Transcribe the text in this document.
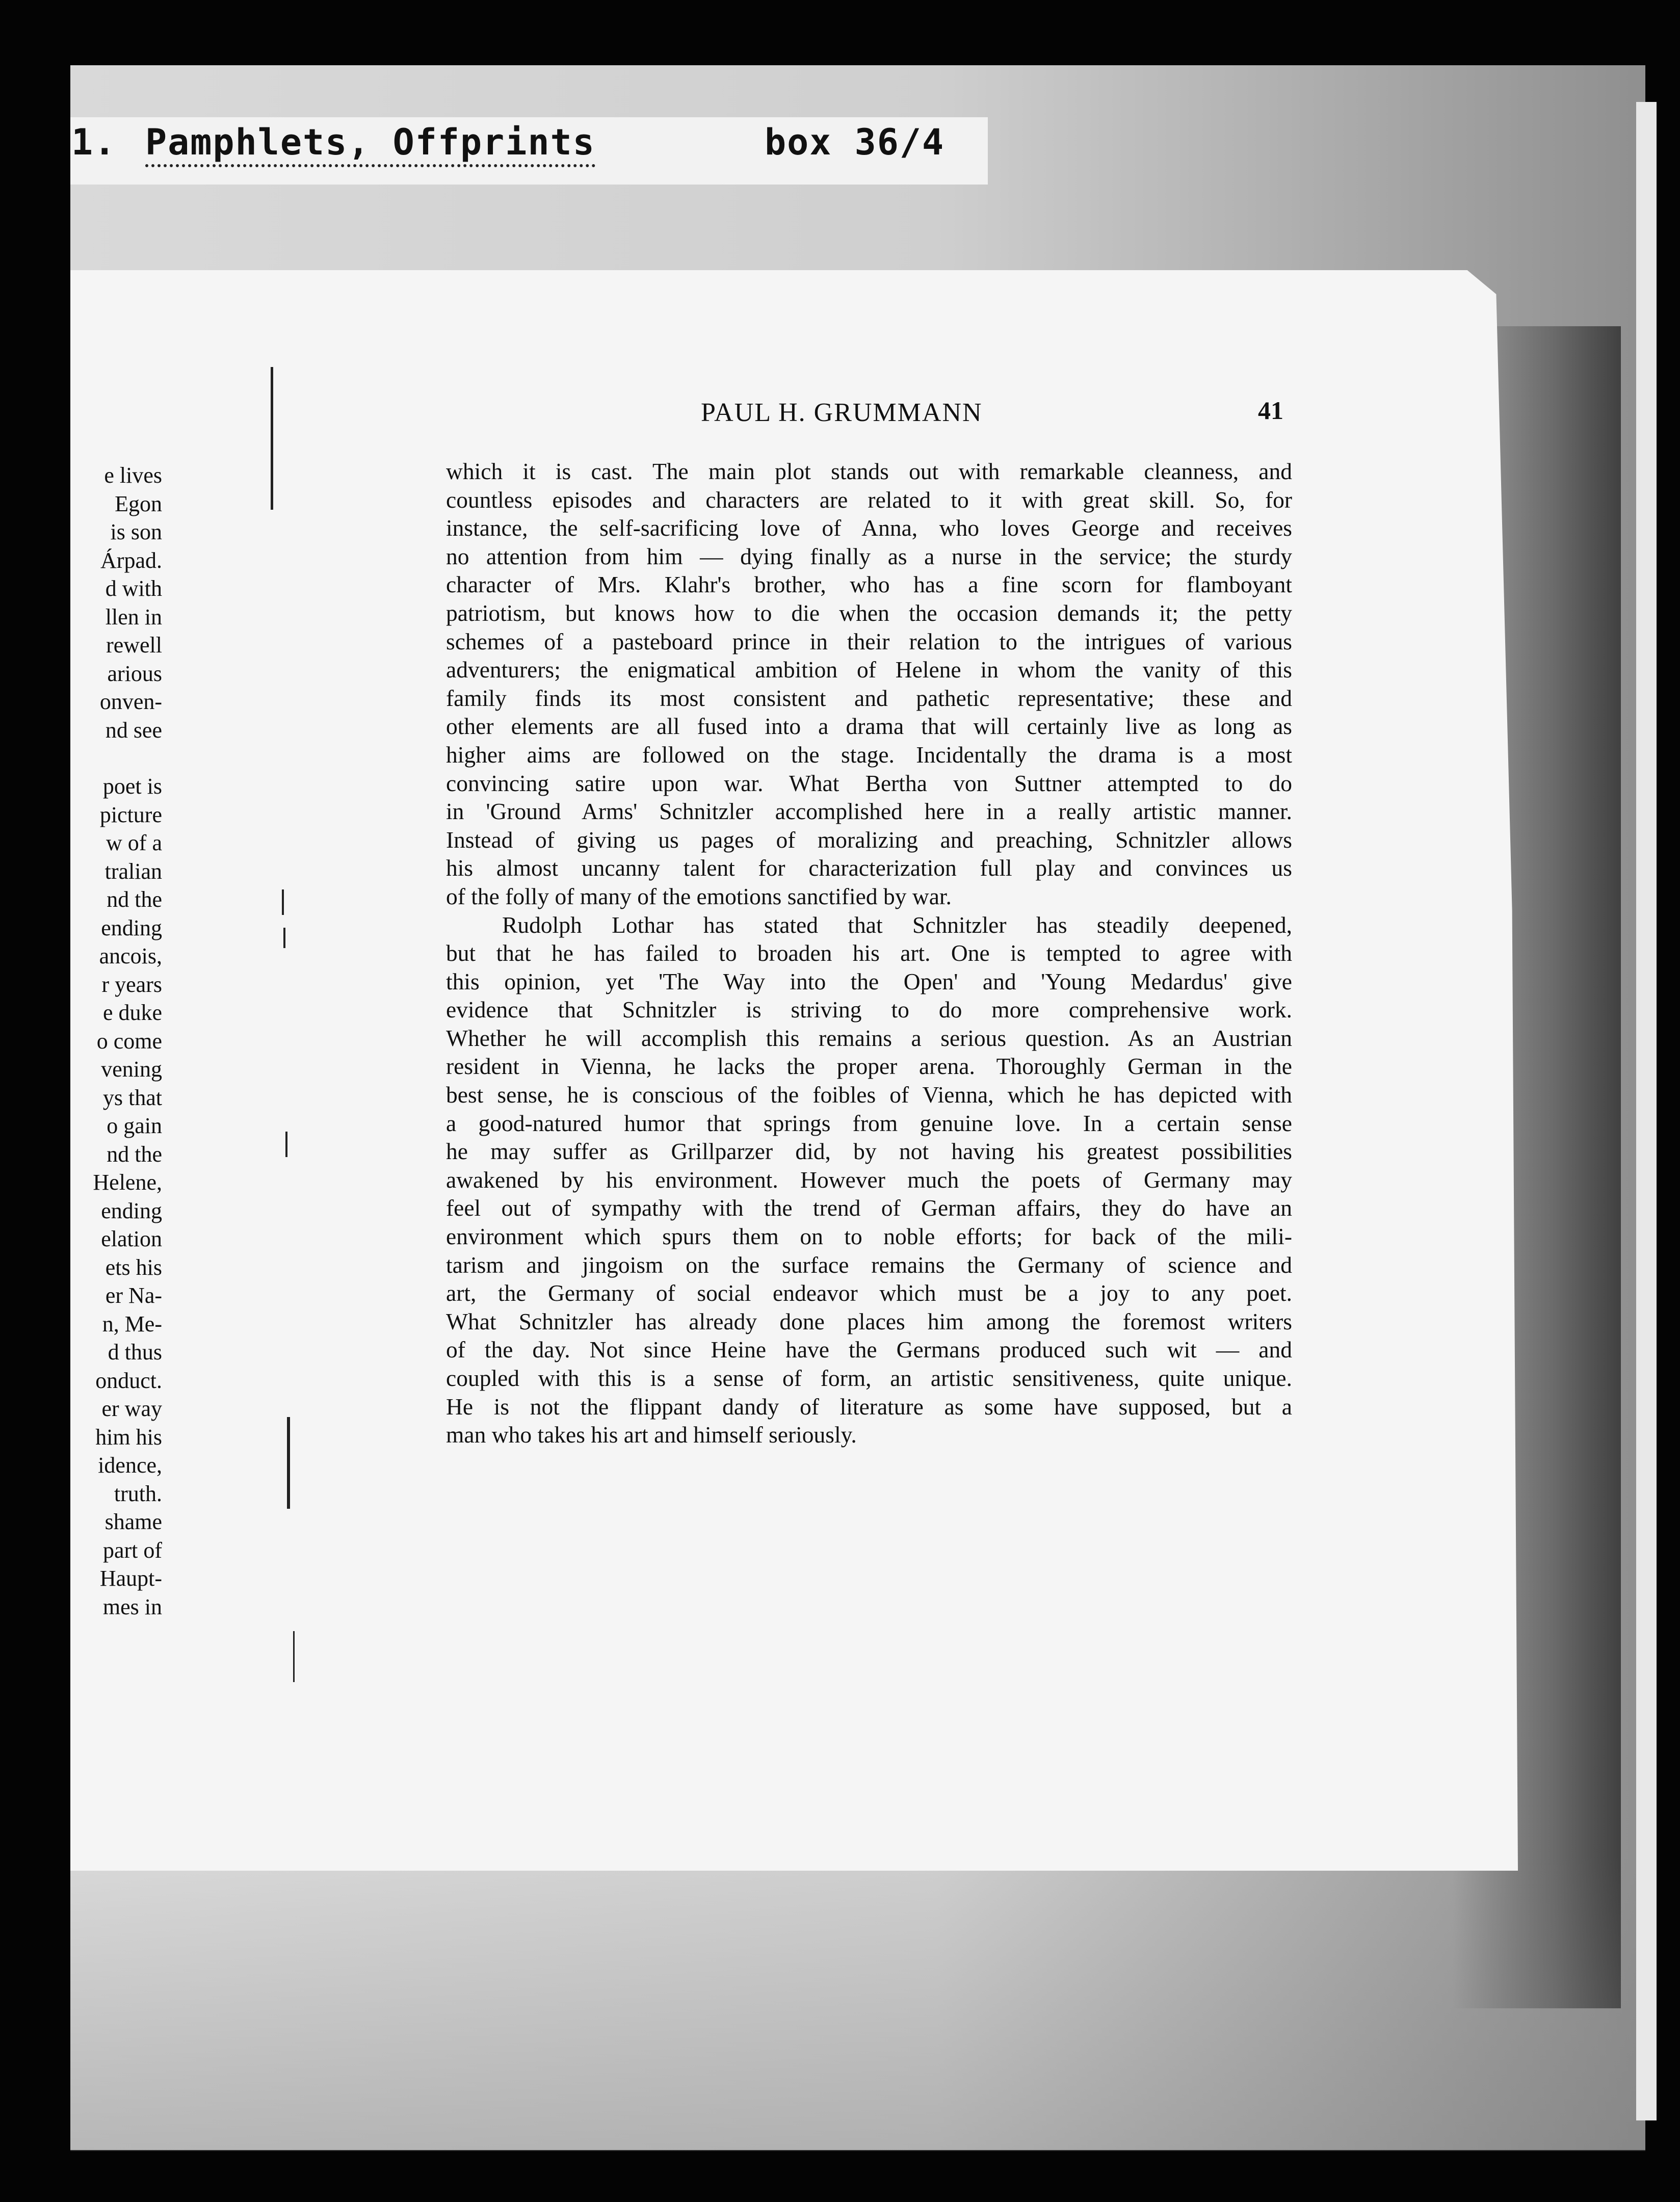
1. Pamphlets, Offprints	box 36/4
e lives
Egon
is son
Árpad.
d with
llen in
rewell
arious
onven-
nd see
poet is
picture
w of a
tralian
nd the
ending
ancois,
r years
e duke
o come
vening
ys that
o gain
nd the
Helene,
ending
elation
ets his
er Na-
n, Me-
d thus
onduct.
er way
him his
idence,
truth.
shame
part of
Haupt-
mes in
PAUL H. GRUMMANN	41
which it is cast. The main plot stands out with remarkable cleanness, and
countless episodes and characters are related to it with great skill. So, for
instance, the self-sacrificing love of Anna, who loves George and receives
no attention from him — dying finally as a nurse in the service; the sturdy
character of Mrs. Klahr's brother, who has a fine scorn for flamboyant
patriotism, but knows how to die when the occasion demands it; the petty
schemes of a pasteboard prince in their relation to the intrigues of various
adventurers; the enigmatical ambition of Helene in whom the vanity of this
family finds its most consistent and pathetic representative; these and
other elements are all fused into a drama that will certainly live as long as
higher aims are followed on the stage. Incidentally the drama is a most
convincing satire upon war. What Bertha von Suttner attempted to do
in 'Ground Arms' Schnitzler accomplished here in a really artistic manner.
Instead of giving us pages of moralizing and preaching, Schnitzler allows
his almost uncanny talent for characterization full play and convinces us
of the folly of many of the emotions sanctified by war.
Rudolph Lothar has stated that Schnitzler has steadily deepened,
but that he has failed to broaden his art. One is tempted to agree with
this opinion, yet 'The Way into the Open' and 'Young Medardus' give
evidence that Schnitzler is striving to do more comprehensive work.
Whether he will accomplish this remains a serious question. As an Austrian
resident in Vienna, he lacks the proper arena. Thoroughly German in the
best sense, he is conscious of the foibles of Vienna, which he has depicted with
a good-natured humor that springs from genuine love. In a certain sense
he may suffer as Grillparzer did, by not having his greatest possibilities
awakened by his environment. However much the poets of Germany may
feel out of sympathy with the trend of German affairs, they do have an
environment which spurs them on to noble efforts; for back of the mili-
tarism and jingoism on the surface remains the Germany of science and
art, the Germany of social endeavor which must be a joy to any poet.
What Schnitzler has already done places him among the foremost writers
of the day. Not since Heine have the Germans produced such wit — and
coupled with this is a sense of form, an artistic sensitiveness, quite unique.
He is not the flippant dandy of literature as some have supposed, but a
man who takes his art and himself seriously.
